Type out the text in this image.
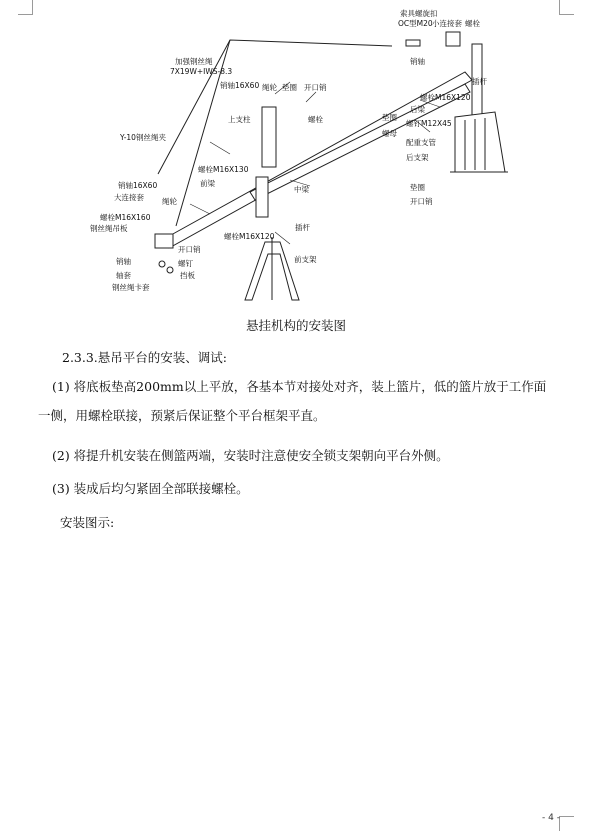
索具螺旋扣
OC型M20 小连接套 螺栓
加强钢丝绳
7X19W+IWS-8.3
销轴
销轴16X60 绳轮 垫圈 开口销
插杆
螺栓M16X120
后梁
螺钉M12X45
配重支管
后支架
垫圈
开口销
Y-10钢丝绳夹
上支柱	螺栓	垫圈
螺母
螺栓M16X130
前梁
中梁
销轴16X60
大连接套 绳轮
螺栓M16X160
钢丝绳吊板	插杆
螺栓M16X120
开口销
销轴	螺钉
轴套	挡板
钢丝绳卡套
前支架
悬挂机构的安装图
2.3.3.悬吊平台的安装、调试:
(1) 将底板垫高200mm以上平放，各基本节对接处对齐，装上篮片，低的篮片放于工作面一侧，用螺栓联接，预紧后保证整个平台框架平直。
(2) 将提升机安装在侧篮两端，安装时注意使安全锁支架朝向平台外侧。
(3) 装成后均匀紧固全部联接螺栓。
安装图示:
- 4 -
